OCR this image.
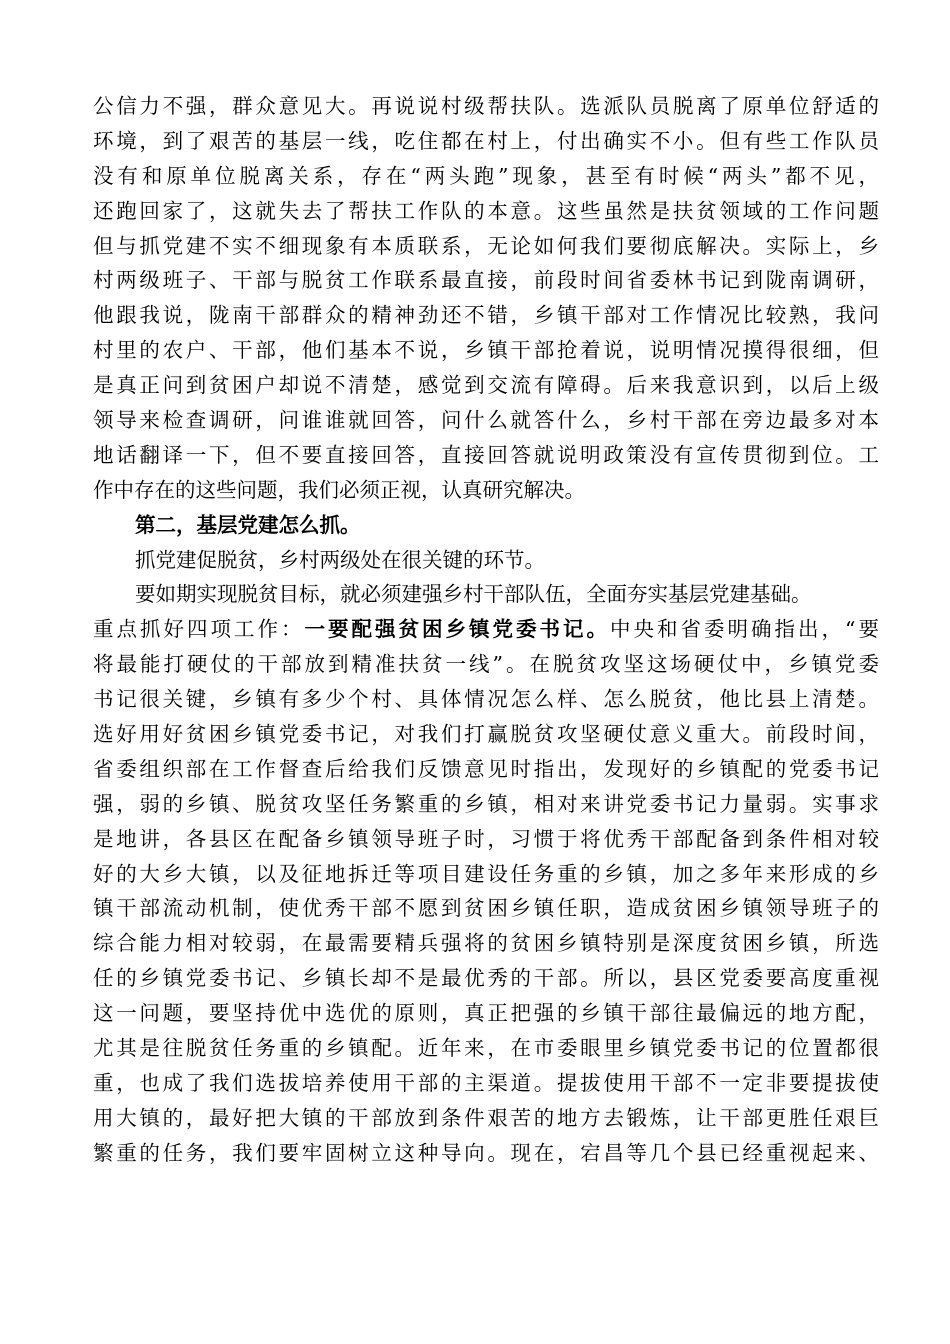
公信力不强，群众意见大。再说说村级帮扶队。选派队员脱离了原单位舒适的
环境，到了艰苦的基层一线，吃住都在村上，付出确实不小。但有些工作队员
没有和原单位脱离关系，存在“两头跑”现象，甚至有时候“两头”都不见，
还跑回家了，这就失去了帮扶工作队的本意。这些虽然是扶贫领域的工作问题
但与抓党建不实不细现象有本质联系，无论如何我们要彻底解决。实际上，乡
村两级班子、干部与脱贫工作联系最直接，前段时间省委林书记到陇南调研，
他跟我说，陇南干部群众的精神劲还不错，乡镇干部对工作情况比较熟，我问
村里的农户、干部，他们基本不说，乡镇干部抢着说，说明情况摸得很细，但
是真正问到贫困户却说不清楚，感觉到交流有障碍。后来我意识到，以后上级
领导来检查调研，问谁谁就回答，问什么就答什么，乡村干部在旁边最多对本
地话翻译一下，但不要直接回答，直接回答就说明政策没有宣传贯彻到位。工
作中存在的这些问题，我们必须正视，认真研究解决。
第二，基层党建怎么抓。
抓党建促脱贫，乡村两级处在很关键的环节。
要如期实现脱贫目标，就必须建强乡村干部队伍，全面夯实基层党建基础。
重点抓好四项工作：一要配强贫困乡镇党委书记。中央和省委明确指出，“要
将最能打硬仗的干部放到精准扶贫一线”。在脱贫攻坚这场硬仗中，乡镇党委
书记很关键，乡镇有多少个村、具体情况怎么样、怎么脱贫，他比县上清楚。
选好用好贫困乡镇党委书记，对我们打赢脱贫攻坚硬仗意义重大。前段时间，
省委组织部在工作督查后给我们反馈意见时指出，发现好的乡镇配的党委书记
强，弱的乡镇、脱贫攻坚任务繁重的乡镇，相对来讲党委书记力量弱。实事求
是地讲，各县区在配备乡镇领导班子时，习惯于将优秀干部配备到条件相对较
好的大乡大镇，以及征地拆迁等项目建设任务重的乡镇，加之多年来形成的乡
镇干部流动机制，使优秀干部不愿到贫困乡镇任职，造成贫困乡镇领导班子的
综合能力相对较弱，在最需要精兵强将的贫困乡镇特别是深度贫困乡镇，所选
任的乡镇党委书记、乡镇长却不是最优秀的干部。所以，县区党委要高度重视
这一问题，要坚持优中选优的原则，真正把强的乡镇干部往最偏远的地方配，
尤其是往脱贫任务重的乡镇配。近年来，在市委眼里乡镇党委书记的位置都很
重，也成了我们选拔培养使用干部的主渠道。提拔使用干部不一定非要提拔使
用大镇的，最好把大镇的干部放到条件艰苦的地方去锻炼，让干部更胜任艰巨
繁重的任务，我们要牢固树立这种导向。现在，宕昌等几个县已经重视起来、
